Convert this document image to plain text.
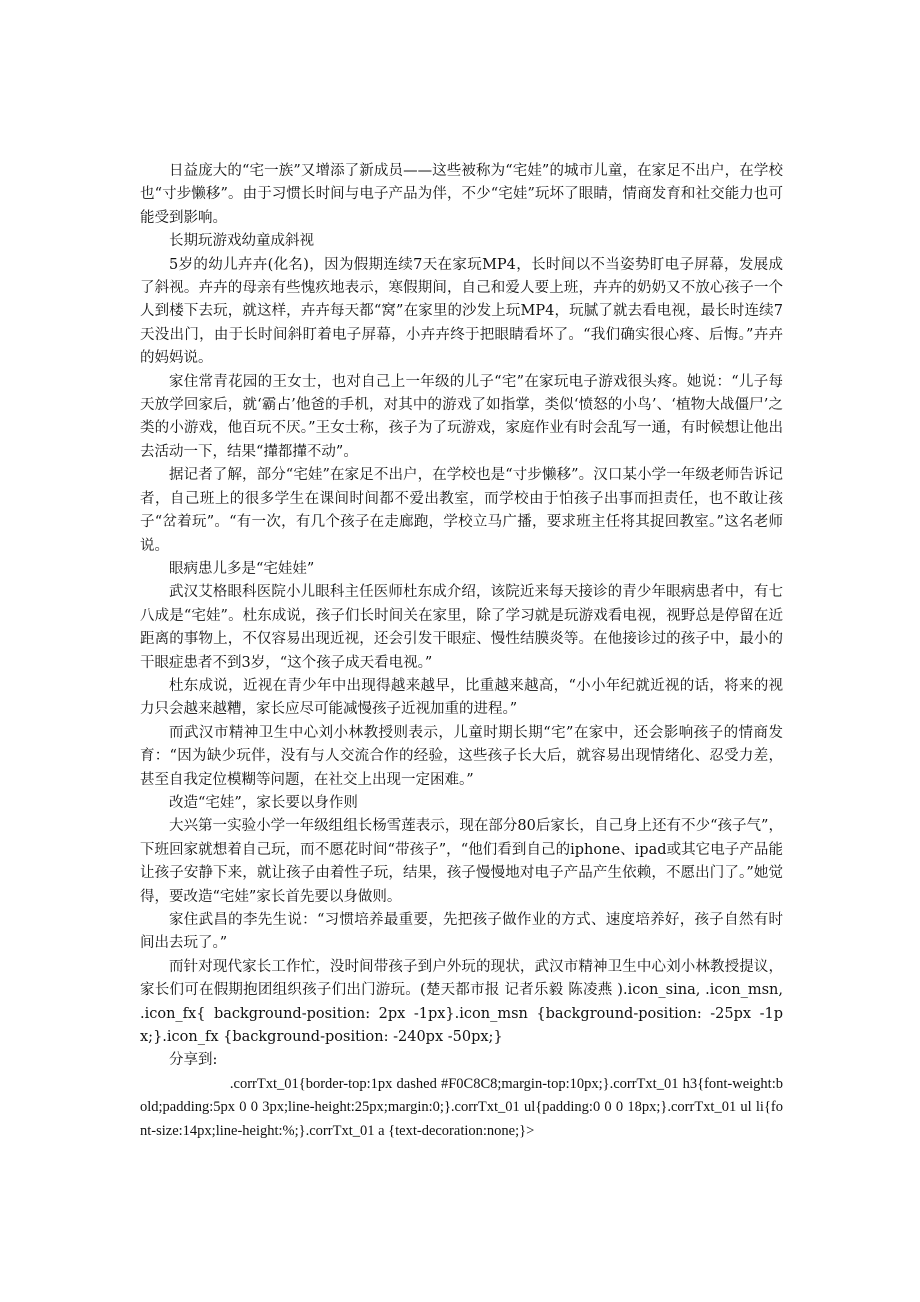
日益庞大的“宅一族”又增添了新成员——这些被称为“宅娃”的城市儿童，在家足不出户，在学校也“寸步懒移”。由于习惯长时间与电子产品为伴，不少“宅娃”玩坏了眼睛，情商发育和社交能力也可能受到影响。

长期玩游戏幼童成斜视

5岁的幼儿卉卉(化名)，因为假期连续7天在家玩MP4，长时间以不当姿势盯电子屏幕，发展成了斜视。卉卉的母亲有些愧疚地表示，寒假期间，自己和爱人要上班，卉卉的奶奶又不放心孩子一个人到楼下去玩，就这样，卉卉每天都“窝”在家里的沙发上玩MP4，玩腻了就去看电视，最长时连续7天没出门，由于长时间斜盯着电子屏幕，小卉卉终于把眼睛看坏了。“我们确实很心疼、后悔。”卉卉的妈妈说。

家住常青花园的王女士，也对自己上一年级的儿子“宅”在家玩电子游戏很头疼。她说：“儿子每天放学回家后，就‘霸占’他爸的手机，对其中的游戏了如指掌，类似‘愤怒的小鸟’、‘植物大战僵尸’之类的小游戏，他百玩不厌。”王女士称，孩子为了玩游戏，家庭作业有时会乱写一通，有时候想让他出去活动一下，结果“攆都攆不动”。

据记者了解，部分“宅娃”在家足不出户，在学校也是“寸步懒移”。汉口某小学一年级老师告诉记者，自己班上的很多学生在课间时间都不爱出教室，而学校由于怕孩子出事而担责任，也不敢让孩子“岔着玩”。“有一次，有几个孩子在走廊跑，学校立马广播，要求班主任将其捉回教室。”这名老师说。

眼病患儿多是“宅娃娃”

武汉艾格眼科医院小儿眼科主任医师杜东成介绍，该院近来每天接诊的青少年眼病患者中，有七八成是“宅娃”。杜东成说，孩子们长时间关在家里，除了学习就是玩游戏看电视，视野总是停留在近距离的事物上，不仅容易出现近视，还会引发干眼症、慢性结膜炎等。在他接诊过的孩子中，最小的干眼症患者不到3岁，“这个孩子成天看电视。”

杜东成说，近视在青少年中出现得越来越早，比重越来越高，“小小年纪就近视的话，将来的视力只会越来越糟，家长应尽可能减慢孩子近视加重的进程。”

而武汉市精神卫生中心刘小林教授则表示，儿童时期长期“宅”在家中，还会影响孩子的情商发育：“因为缺少玩伴，没有与人交流合作的经验，这些孩子长大后，就容易出现情绪化、忍受力差，甚至自我定位模糊等问题，在社交上出现一定困难。”

改造“宅娃”，家长要以身作则

大兴第一实验小学一年级组组长杨雪莲表示，现在部分80后家长，自己身上还有不少“孩子气”，下班回家就想着自己玩，而不愿花时间“带孩子”，“他们看到自己的iphone、ipad或其它电子产品能让孩子安静下来，就让孩子由着性子玩，结果，孩子慢慢地对电子产品产生依赖，不愿出门了。”她觉得，要改造“宅娃”家长首先要以身做则。

家住武昌的李先生说：“习惯培养最重要，先把孩子做作业的方式、速度培养好，孩子自然有时间出去玩了。”

而针对现代家长工作忙，没时间带孩子到户外玩的现状，武汉市精神卫生中心刘小林教授提议，家长们可在假期抱团组织孩子们出门游玩。(楚天都市报 记者乐毅 陈凌燕 ).icon_sina, .icon_msn, .icon_fx{ background-position: 2px -1px}.icon_msn {background-position: -25px -1px;}.icon_fx {background-position: -240px -50px;}

分享到:

.corrTxt_01{border-top:1px dashed #F0C8C8;margin-top:10px;}.corrTxt_01 h3{font-weight:bold;padding:5px 0 0 3px;line-height:25px;margin:0;}.corrTxt_01 ul{padding:0 0 0 18px;}.corrTxt_01 ul li{font-size:14px;line-height:%;}.corrTxt_01 a {text-decoration:none;}>
